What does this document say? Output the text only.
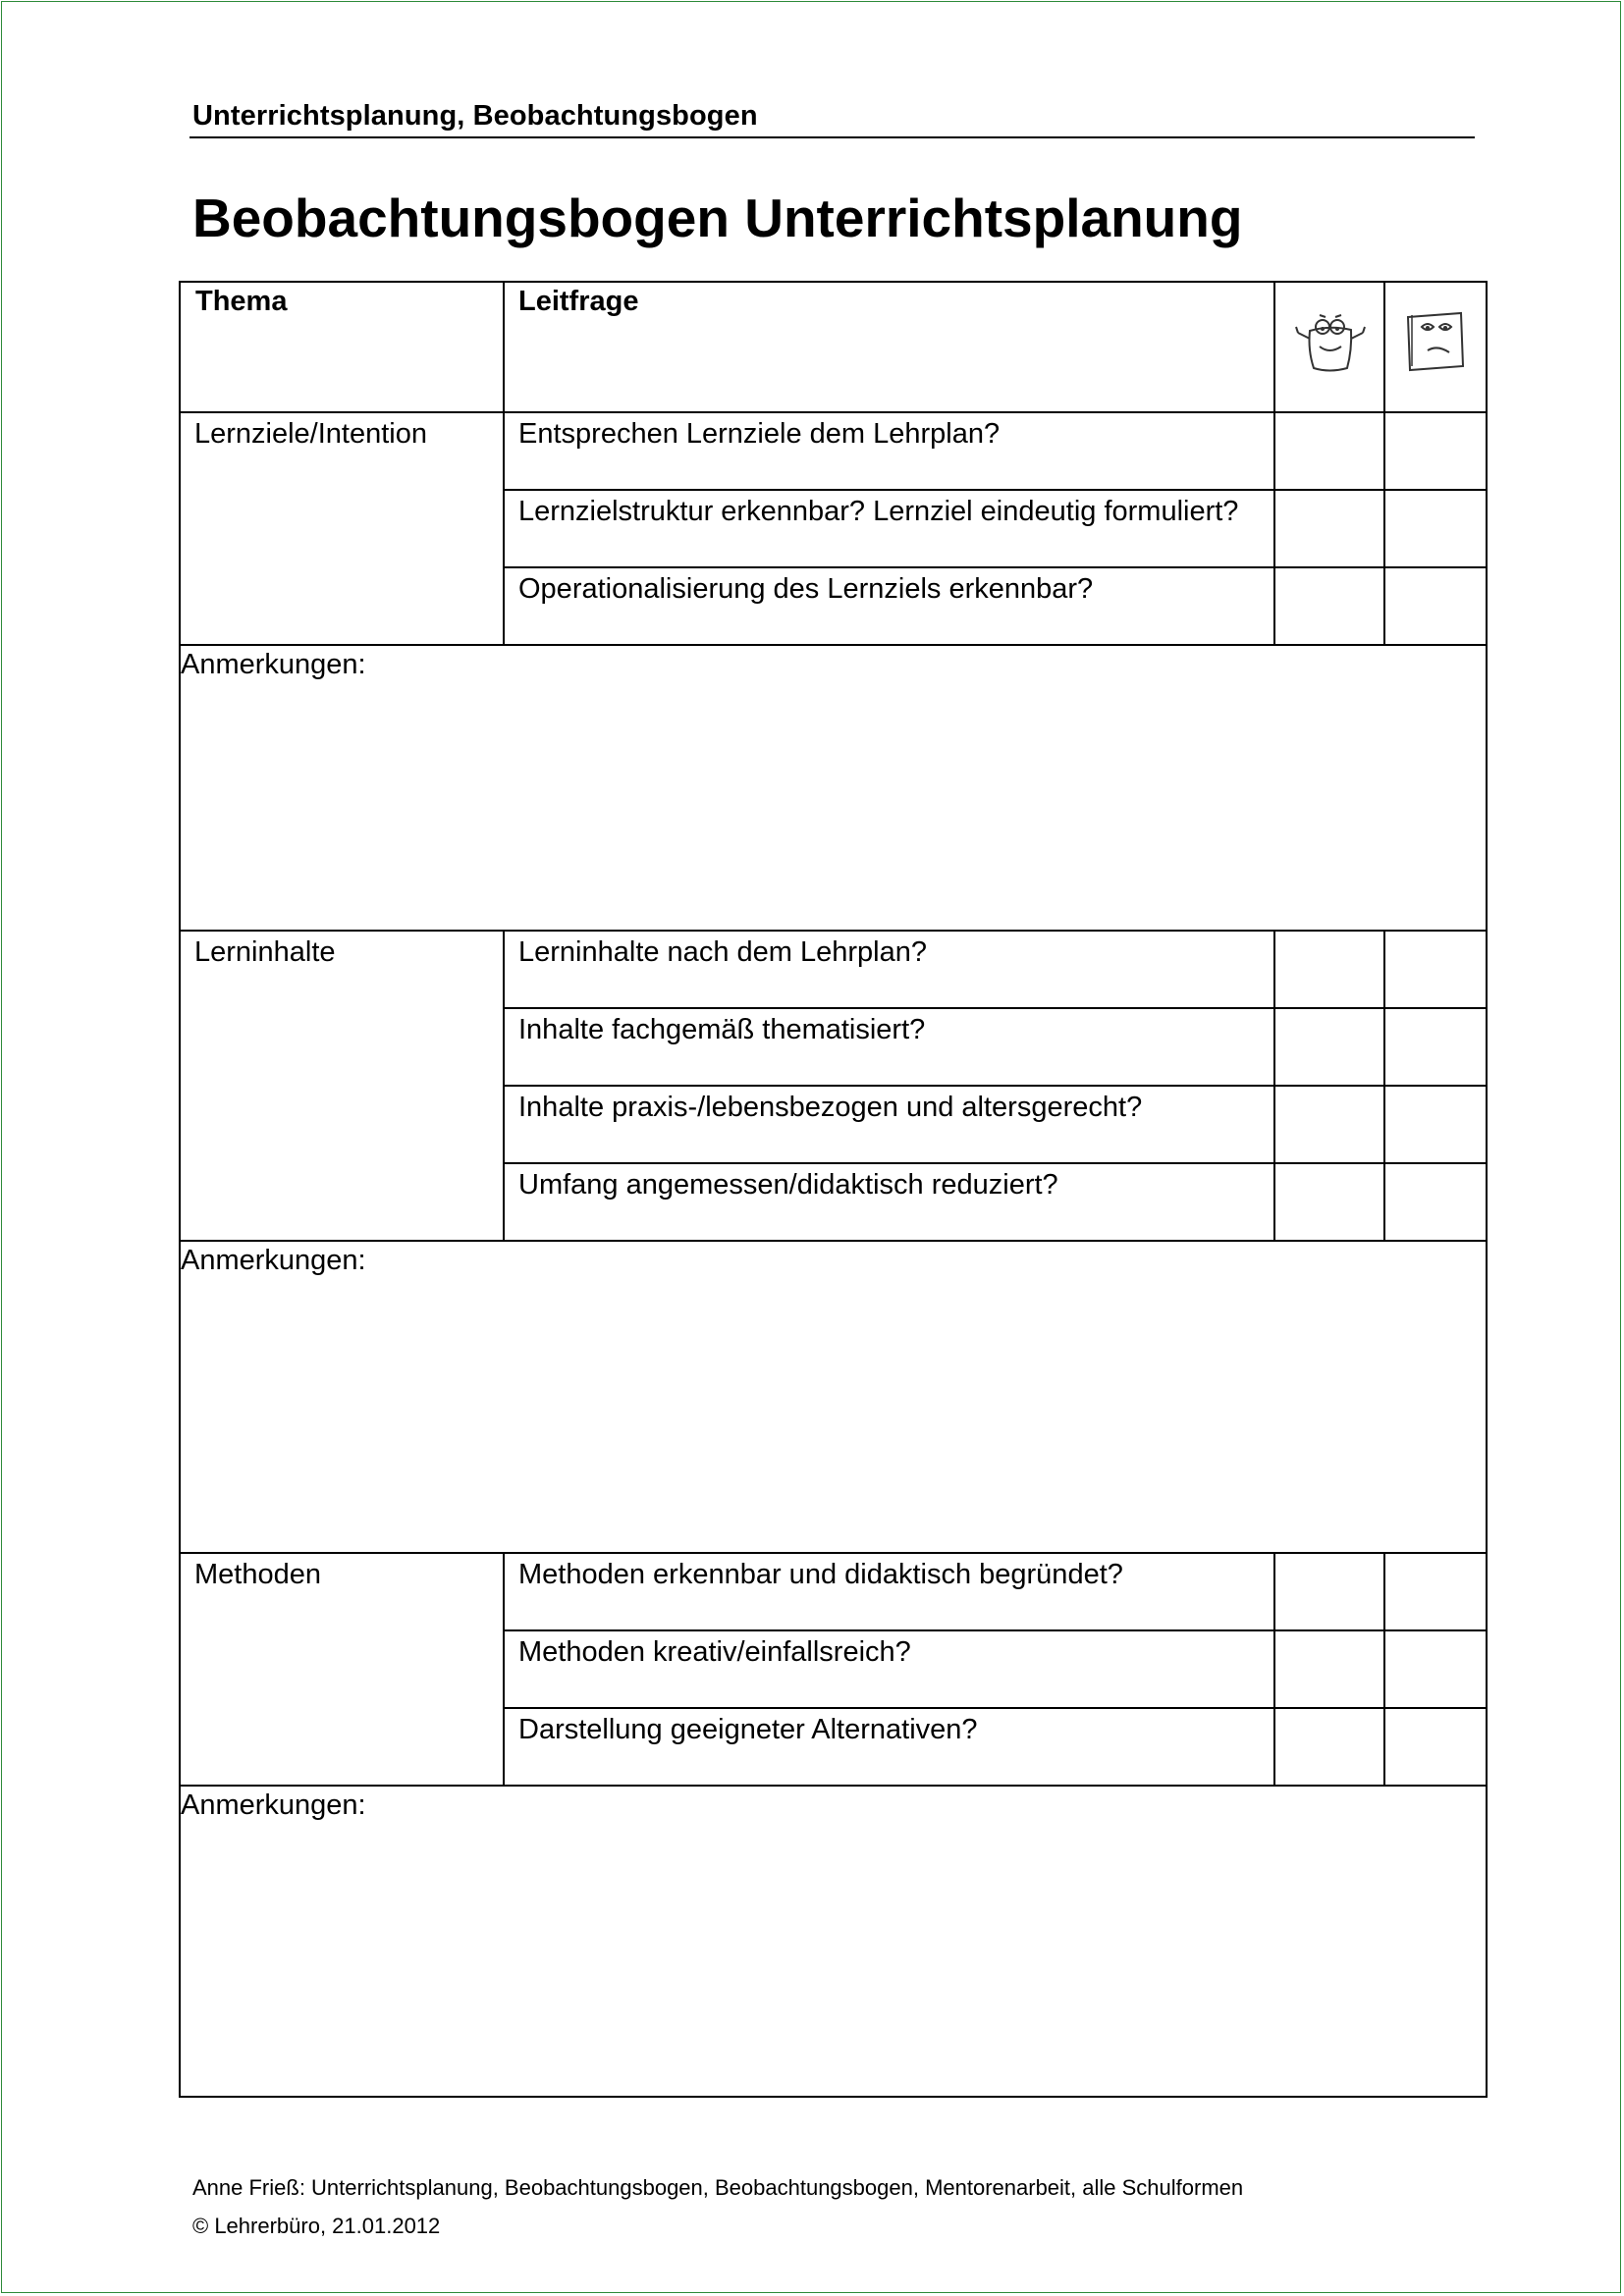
Unterrichtsplanung, Beobachtungsbogen
Beobachtungsbogen Unterrichtsplanung
Thema	Leitfrage

Lernziele/Intention	Entsprechen Lernziele dem Lehrplan?		
	Lernzielstruktur erkennbar? Lernziel eindeutig formuliert?		
	Operationalisierung des Lernziels erkennbar?		
Anmerkungen:			
Lerninhalte	Lerninhalte nach dem Lehrplan?		
	Inhalte fachgemäß thematisiert?		
	Inhalte praxis-/lebensbezogen und altersgerecht?		
	Umfang angemessen/didaktisch reduziert?		
Anmerkungen:			
Methoden	Methoden erkennbar und didaktisch begründet?		
	Methoden kreativ/einfallsreich?		
	Darstellung geeigneter Alternativen?		
Anmerkungen:			
Anne Frieß: Unterrichtsplanung, Beobachtungsbogen, Beobachtungsbogen, Mentorenarbeit, alle Schulformen
© Lehrerbüro, 21.01.2012
